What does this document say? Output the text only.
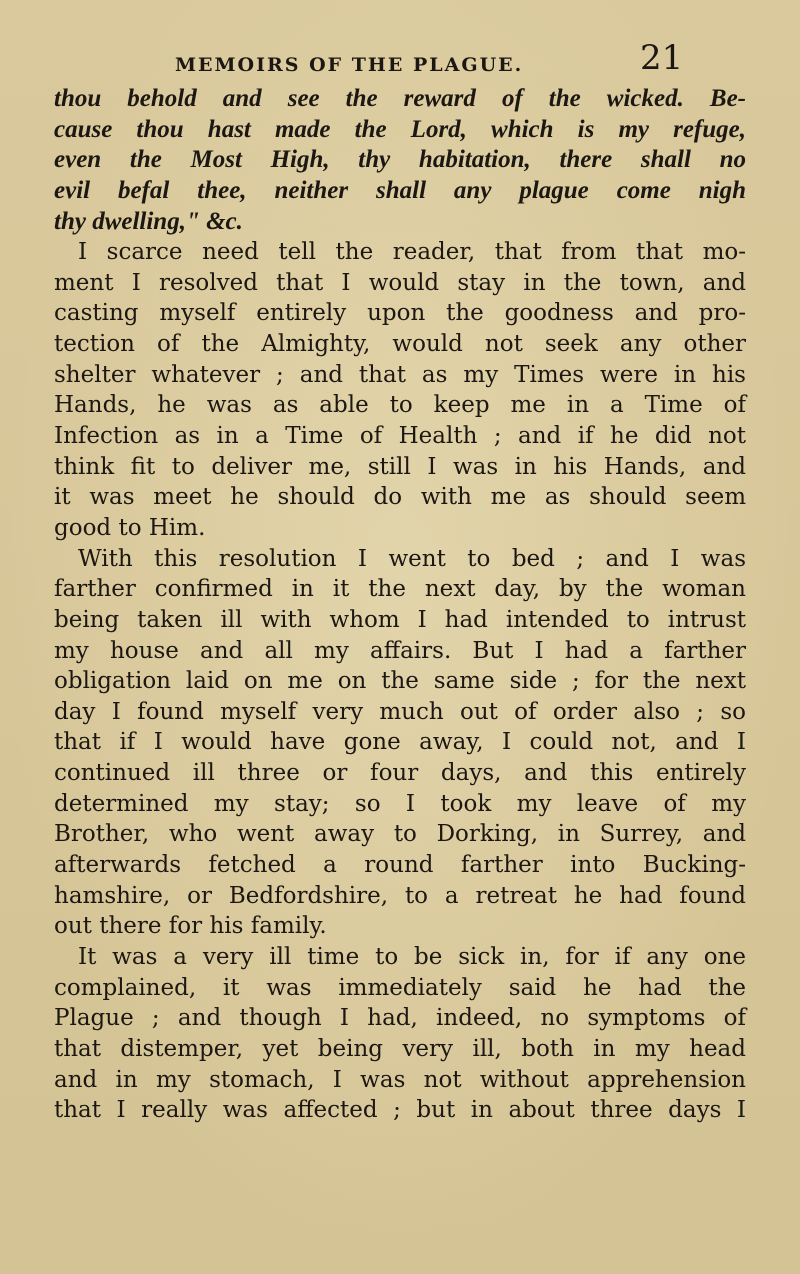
MEMOIRS OF THE PLAGUE.	21
thou behold and see the reward of the wicked. Be-
cause thou hast made the Lord, which is my refuge,
even the Most High, thy habitation, there shall no
evil befal thee, neither shall any plague come nigh
thy dwelling," &c.
I scarce need tell the reader, that from that mo-
ment I resolved that I would stay in the town, and
casting myself entirely upon the goodness and pro-
tection of the Almighty, would not seek any other
shelter whatever ; and that as my Times were in his
Hands, he was as able to keep me in a Time of
Infection as in a Time of Health ; and if he did not
think fit to deliver me, still I was in his Hands, and
it was meet he should do with me as should seem
good to Him.
With this resolution I went to bed ; and I was
farther confirmed in it the next day, by the woman
being taken ill with whom I had intended to intrust
my house and all my affairs. But I had a farther
obligation laid on me on the same side ; for the next
day I found myself very much out of order also ; so
that if I would have gone away, I could not, and I
continued ill three or four days, and this entirely
determined my stay; so I took my leave of my
Brother, who went away to Dorking, in Surrey, and
afterwards fetched a round farther into Bucking-
hamshire, or Bedfordshire, to a retreat he had found
out there for his family.
It was a very ill time to be sick in, for if any one
complained, it was immediately said he had the
Plague ; and though I had, indeed, no symptoms of
that distemper, yet being very ill, both in my head
and in my stomach, I was not without apprehension
that I really was affected ; but in about three days I
